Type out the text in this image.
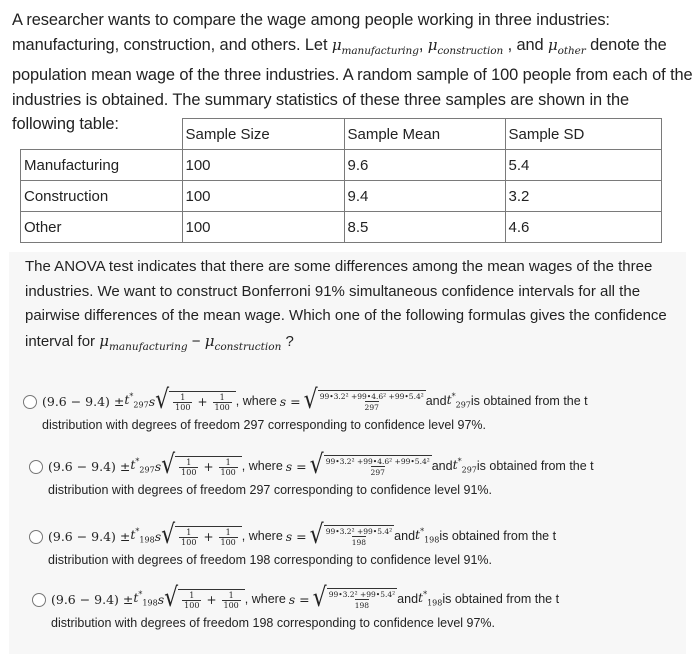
A researcher wants to compare the wage among people working in three industries: manufacturing, construction, and others. Let $\mu_{manufacturing}$, $\mu_{construction}$ , and $\mu_{other}$ denote the population mean wage of the three industries. A random sample of 100 people from each of the industries is obtained. The summary statistics of these three samples are shown in the following table:
	Sample Size	Sample Mean	Sample SD
Manufacturing	100	9.6	5.4
Construction	100	9.4	3.2
Other	100	8.5	4.6
The ANOVA test indicates that there are some differences among the mean wages of the three industries. We want to construct Bonferroni 91% simultaneous confidence intervals for all the pairwise differences of the mean wage. Which one of the following formulas gives the confidence interval for $\mu_{manufacturing} - \mu_{construction}$ ?
$(9.6 - 9.4) \pm t^*_{297}$ s √ $\frac{1}{100} + \frac{1}{100}$ , where s = √ $\frac{\text{99•3.2² +99•4.6² +99•5.4²}}{297}$ and $t^*_{297}$ is obtained from the t
distribution with degrees of freedom 297 corresponding to confidence level 97%.
$(9.6 - 9.4) \pm t^*_{297}$ s √ $\frac{1}{100} + \frac{1}{100}$ , where s = √ $\frac{\text{99•3.2² +99•4.6² +99•5.4²}}{297}$ and $t^*_{297}$ is obtained from the t
distribution with degrees of freedom 297 corresponding to confidence level 91%.
$(9.6 - 9.4) \pm t^*_{198}$ s √ $\frac{1}{100} + \frac{1}{100}$ , where s = √ $\frac{\text{99•3.2² +99•5.4²}}{198}$ and $t^*_{198}$ is obtained from the t
distribution with degrees of freedom 198 corresponding to confidence level 91%.
$(9.6 - 9.4) \pm t^*_{198}$ s √ $\frac{1}{100} + \frac{1}{100}$ , where s = √ $\frac{\text{99•3.2² +99•5.4²}}{198}$ and $t^*_{198}$ is obtained from the t
distribution with degrees of freedom 198 corresponding to confidence level 97%.
